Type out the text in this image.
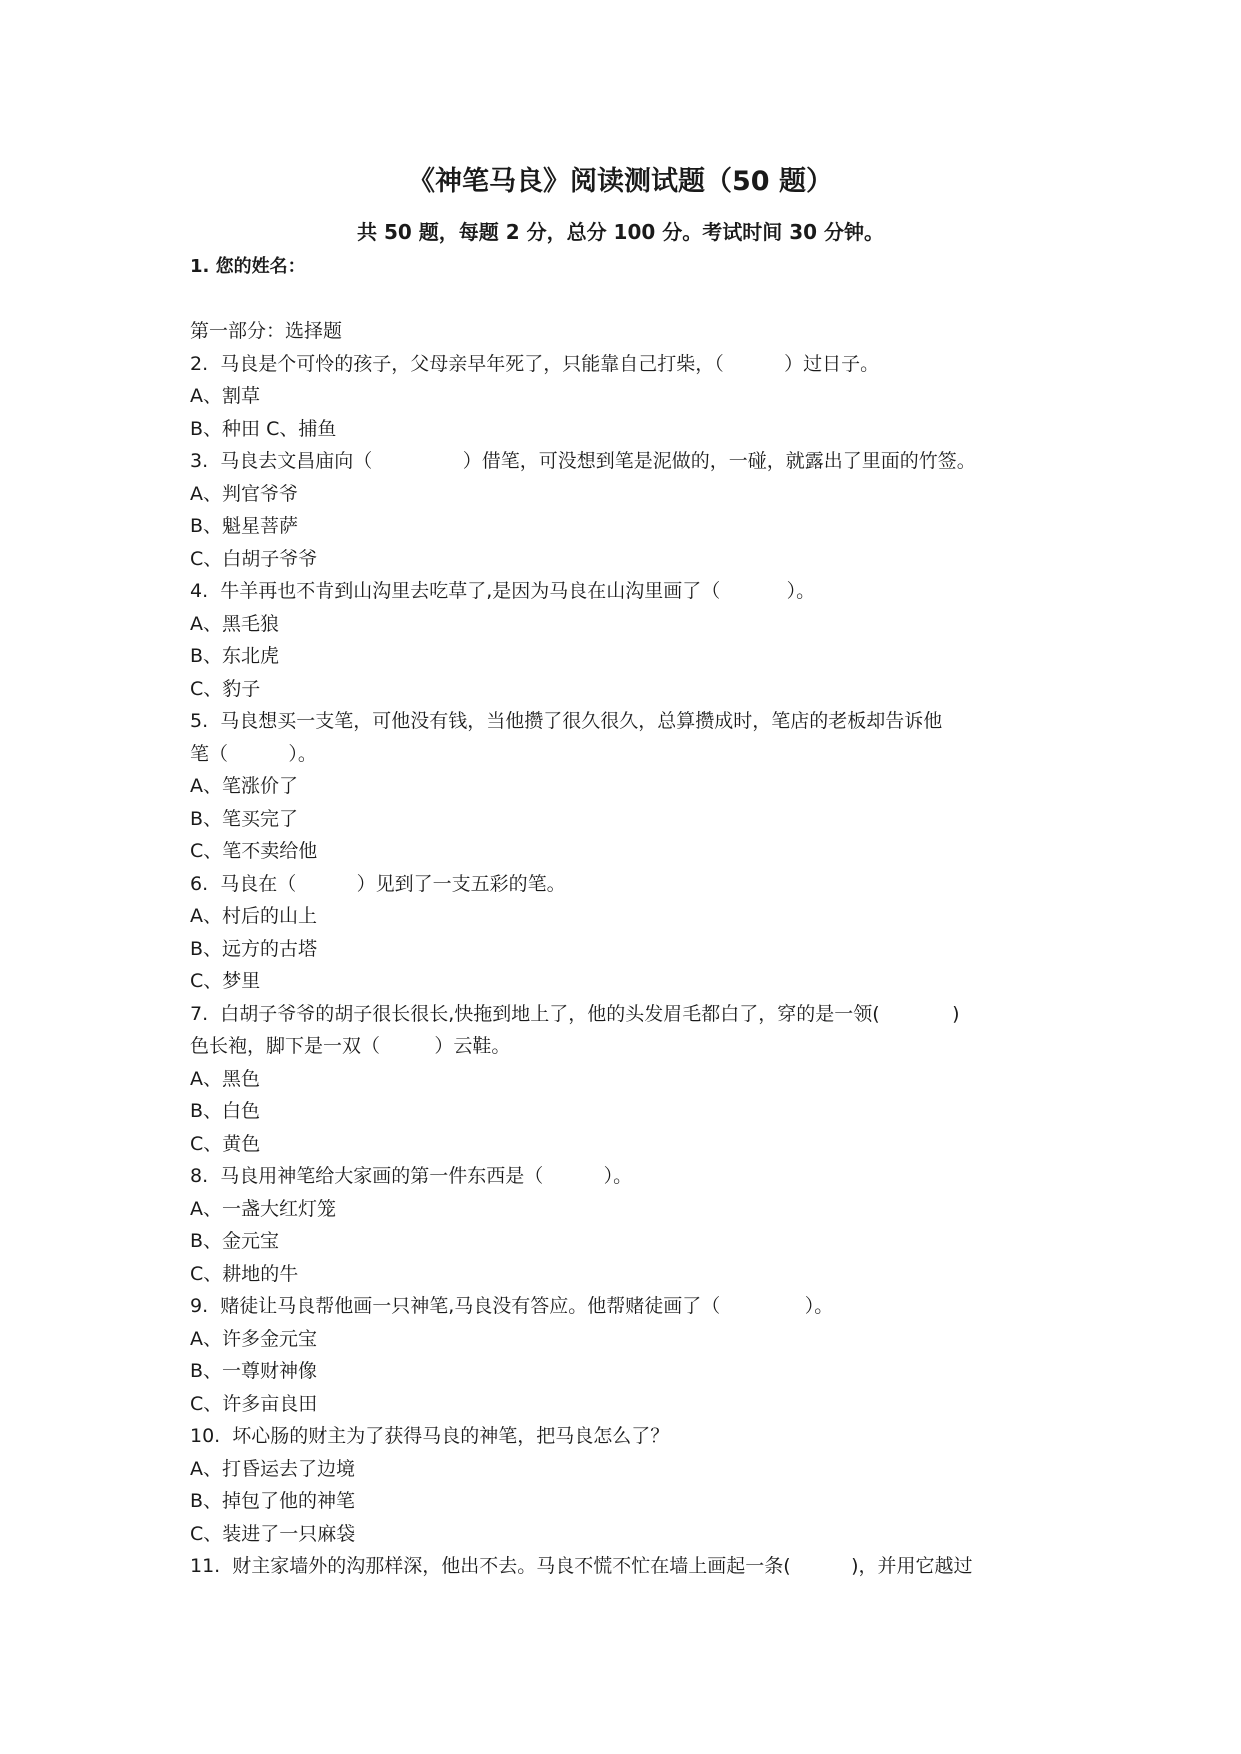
《神笔马良》阅读测试题（50 题）
共 50 题，每题 2 分，总分 100 分。考试时间 30 分钟。
1. 您的姓名：
第一部分：选择题
2.  马良是个可怜的孩子，父母亲早年死了，只能靠自己打柴，（          ）过日子。
A、割草
B、种田 C、捕鱼
3.  马良去文昌庙向（               ）借笔，可没想到笔是泥做的，一碰，就露出了里面的竹签。
A、判官爷爷
B、魁星菩萨
C、白胡子爷爷
4.  牛羊再也不肯到山沟里去吃草了,是因为马良在山沟里画了（           ）。
A、黑毛狼
B、东北虎
C、豹子
5.  马良想买一支笔，可他没有钱，当他攒了很久很久，总算攒成时，笔店的老板却告诉他
笔（          ）。
A、笔涨价了
B、笔买完了
C、笔不卖给他
6.  马良在（          ）见到了一支五彩的笔。
A、村后的山上
B、远方的古塔
C、梦里
7.  白胡子爷爷的胡子很长很长,快拖到地上了，他的头发眉毛都白了，穿的是一领(            )
色长袍，脚下是一双（         ）云鞋。
A、黑色
B、白色
C、黄色
8.  马良用神笔给大家画的第一件东西是（          ）。
A、一盏大红灯笼
B、金元宝
C、耕地的牛
9.  赌徒让马良帮他画一只神笔,马良没有答应。他帮赌徒画了（              ）。
A、许多金元宝
B、一尊财神像
C、许多亩良田
10.  坏心肠的财主为了获得马良的神笔，把马良怎么了？
A、打昏运去了边境
B、掉包了他的神笔
C、装进了一只麻袋
11.  财主家墙外的沟那样深，他出不去。马良不慌不忙在墙上画起一条(          )，并用它越过
